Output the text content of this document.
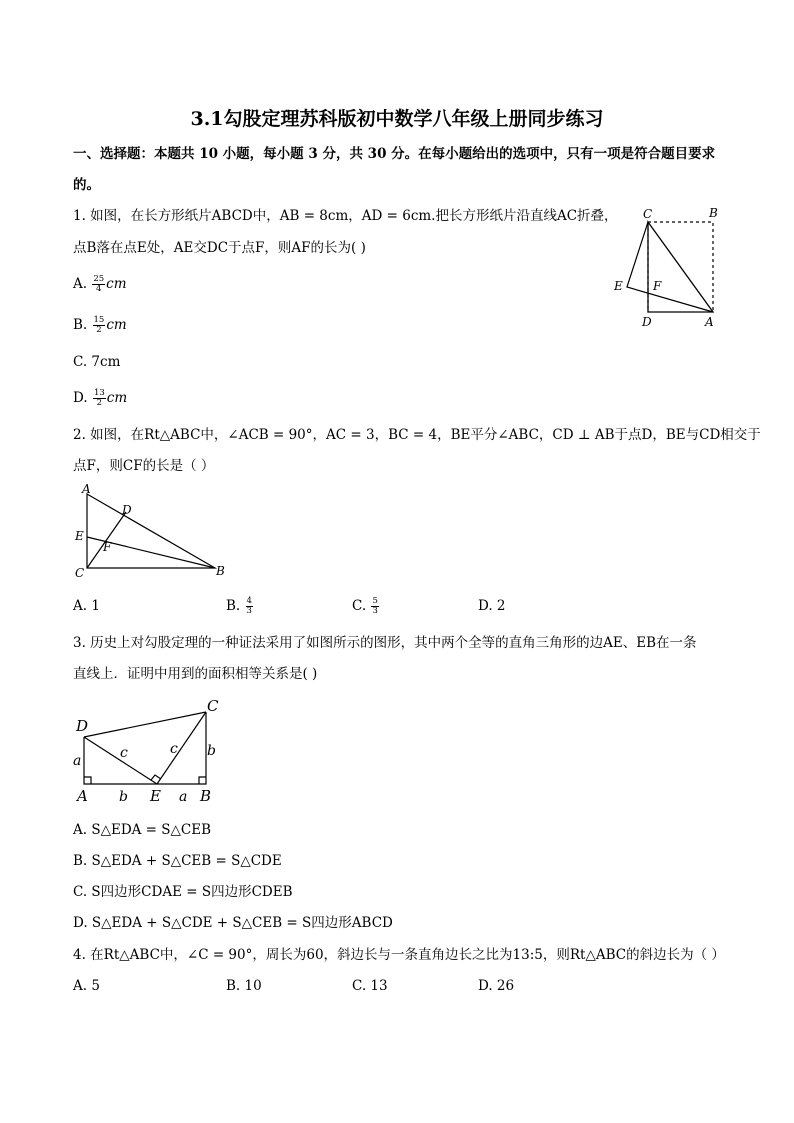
3.1勾股定理苏科版初中数学八年级上册同步练习
一、选择题：本题共 10 小题，每小题 3 分，共 30 分。在每小题给出的选项中，只有一项是符合题目要求
的。
1. 如图，在长方形纸片ABCD中，AB = 8cm，AD = 6cm.把长方形纸片沿直线AC折叠，
点B落在点E处，AE交DC于点F，则AF的长为( )
A. $\frac{25}{4}$ cm
B. $\frac{15}{2}$ cm
C. 7cm
D. $\frac{13}{2}$ cm
C	B
E	F
D	A
2. 如图，在Rt△ABC中，∠ACB = 90°，AC = 3，BC = 4，BE平分∠ABC，CD ⊥ AB于点D，BE与CD相交于
点F，则CF的长是（ ）
A
D
E
F
C	B
A. 1	B. $\frac{4}{3}$	C. $\frac{5}{3}$	D. 2
3. 历史上对勾股定理的一种证法采用了如图所示的图形，其中两个全等的直角三角形的边AE、EB在一条
直线上．证明中用到的面积相等关系是( )
D
C
a	c	c b
A b E a B
A. S△EDA = S△CEB
B. S△EDA + S△CEB = S△CDE
C. S四边形CDAE = S四边形CDEB
D. S△EDA + S△CDE + S△CEB = S四边形ABCD
4. 在Rt△ABC中，∠C = 90°，周长为60，斜边长与一条直角边长之比为13:5，则Rt△ABC的斜边长为（ ）
A. 5	B. 10	C. 13	D. 26
